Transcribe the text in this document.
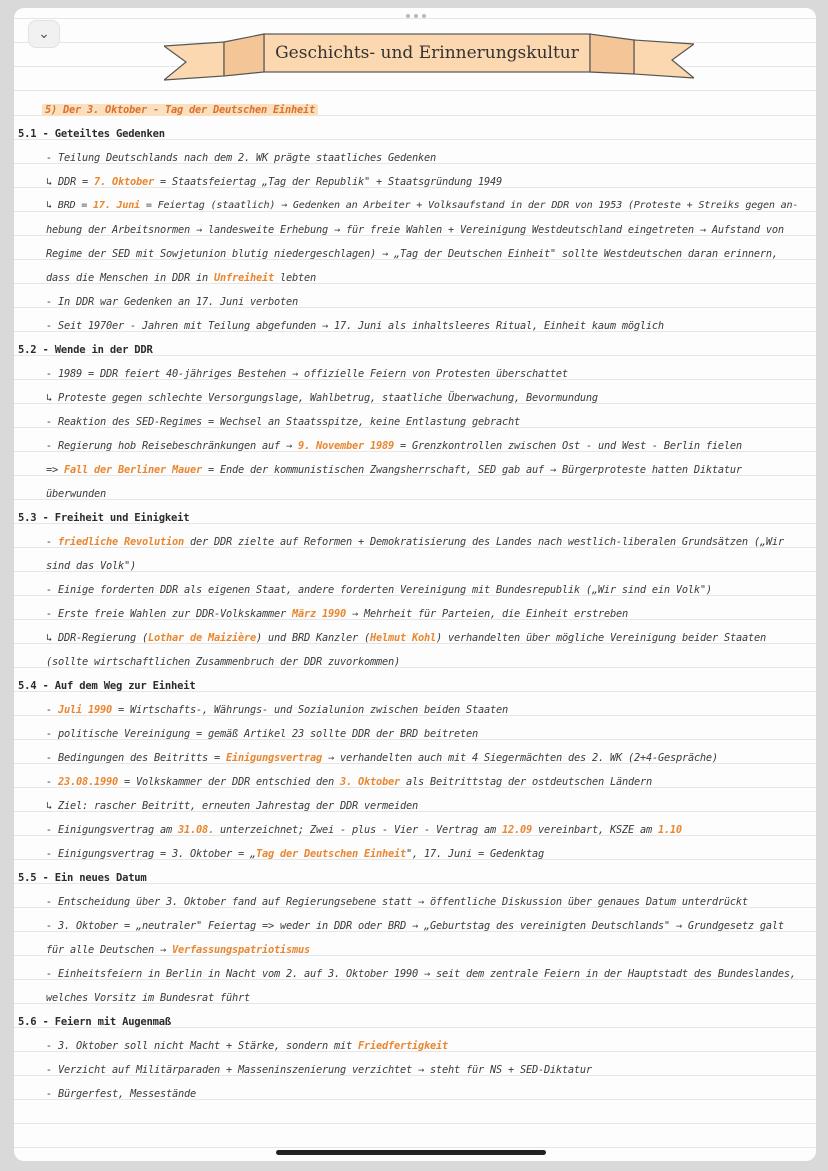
⌄
Geschichts- und Erinnerungskultur
5) Der 3. Oktober - Tag der Deutschen Einheit
5.1 - Geteiltes Gedenken
- Teilung Deutschlands nach dem 2. WK prägte staatliches Gedenken
↳ DDR = 7. Oktober = Staatsfeiertag „Tag der Republik" + Staatsgründung 1949
↳ BRD = 17. Juni = Feiertag (staatlich) → Gedenken an Arbeiter + Volksaufstand in der DDR von 1953 (Proteste + Streiks gegen an-
hebung der Arbeitsnormen → landesweite Erhebung → für freie Wahlen + Vereinigung Westdeutschland eingetreten → Aufstand von
Regime der SED mit Sowjetunion blutig niedergeschlagen) → „Tag der Deutschen Einheit" sollte Westdeutschen daran erinnern,
dass die Menschen in DDR in Unfreiheit lebten
- In DDR war Gedenken an 17. Juni verboten
- Seit 1970er - Jahren mit Teilung abgefunden → 17. Juni als inhaltsleeres Ritual, Einheit kaum möglich
5.2 - Wende in der DDR
- 1989 = DDR feiert 40-jähriges Bestehen → offizielle Feiern von Protesten überschattet
↳ Proteste gegen schlechte Versorgungslage, Wahlbetrug, staatliche Überwachung, Bevormundung
- Reaktion des SED-Regimes = Wechsel an Staatsspitze, keine Entlastung gebracht
- Regierung hob Reisebeschränkungen auf → 9. November 1989 = Grenzkontrollen zwischen Ost - und West - Berlin fielen
=> Fall der Berliner Mauer = Ende der kommunistischen Zwangsherrschaft, SED gab auf → Bürgerproteste hatten Diktatur
überwunden
5.3 - Freiheit und Einigkeit
- friedliche Revolution der DDR zielte auf Reformen + Demokratisierung des Landes nach westlich-liberalen Grundsätzen („Wir
sind das Volk")
- Einige forderten DDR als eigenen Staat, andere forderten Vereinigung mit Bundesrepublik („Wir sind ein Volk")
- Erste freie Wahlen zur DDR-Volkskammer März 1990 → Mehrheit für Parteien, die Einheit erstreben
↳ DDR-Regierung (Lothar de Maizière) und BRD Kanzler (Helmut Kohl) verhandelten über mögliche Vereinigung beider Staaten
(sollte wirtschaftlichen Zusammenbruch der DDR zuvorkommen)
5.4 - Auf dem Weg zur Einheit
- Juli 1990 = Wirtschafts-, Währungs- und Sozialunion zwischen beiden Staaten
- politische Vereinigung = gemäß Artikel 23 sollte DDR der BRD beitreten
- Bedingungen des Beitritts = Einigungsvertrag → verhandelten auch mit 4 Siegermächten des 2. WK (2+4-Gespräche)
- 23.08.1990 = Volkskammer der DDR entschied den 3. Oktober als Beitrittstag der ostdeutschen Ländern
↳ Ziel: rascher Beitritt, erneuten Jahrestag der DDR vermeiden
- Einigungsvertrag am 31.08. unterzeichnet; Zwei - plus - Vier - Vertrag am 12.09 vereinbart, KSZE am 1.10
- Einigungsvertrag = 3. Oktober = „Tag der Deutschen Einheit", 17. Juni = Gedenktag
5.5 - Ein neues Datum
- Entscheidung über 3. Oktober fand auf Regierungsebene statt → öffentliche Diskussion über genaues Datum unterdrückt
- 3. Oktober = „neutraler" Feiertag => weder in DDR oder BRD → „Geburtstag des vereinigten Deutschlands" → Grundgesetz galt
für alle Deutschen → Verfassungspatriotismus
- Einheitsfeiern in Berlin in Nacht vom 2. auf 3. Oktober 1990 → seit dem zentrale Feiern in der Hauptstadt des Bundeslandes,
welches Vorsitz im Bundesrat führt
5.6 - Feiern mit Augenmaß
- 3. Oktober soll nicht Macht + Stärke, sondern mit Friedfertigkeit
- Verzicht auf Militärparaden + Masseninszenierung verzichtet → steht für NS + SED-Diktatur
- Bürgerfest, Messestände
